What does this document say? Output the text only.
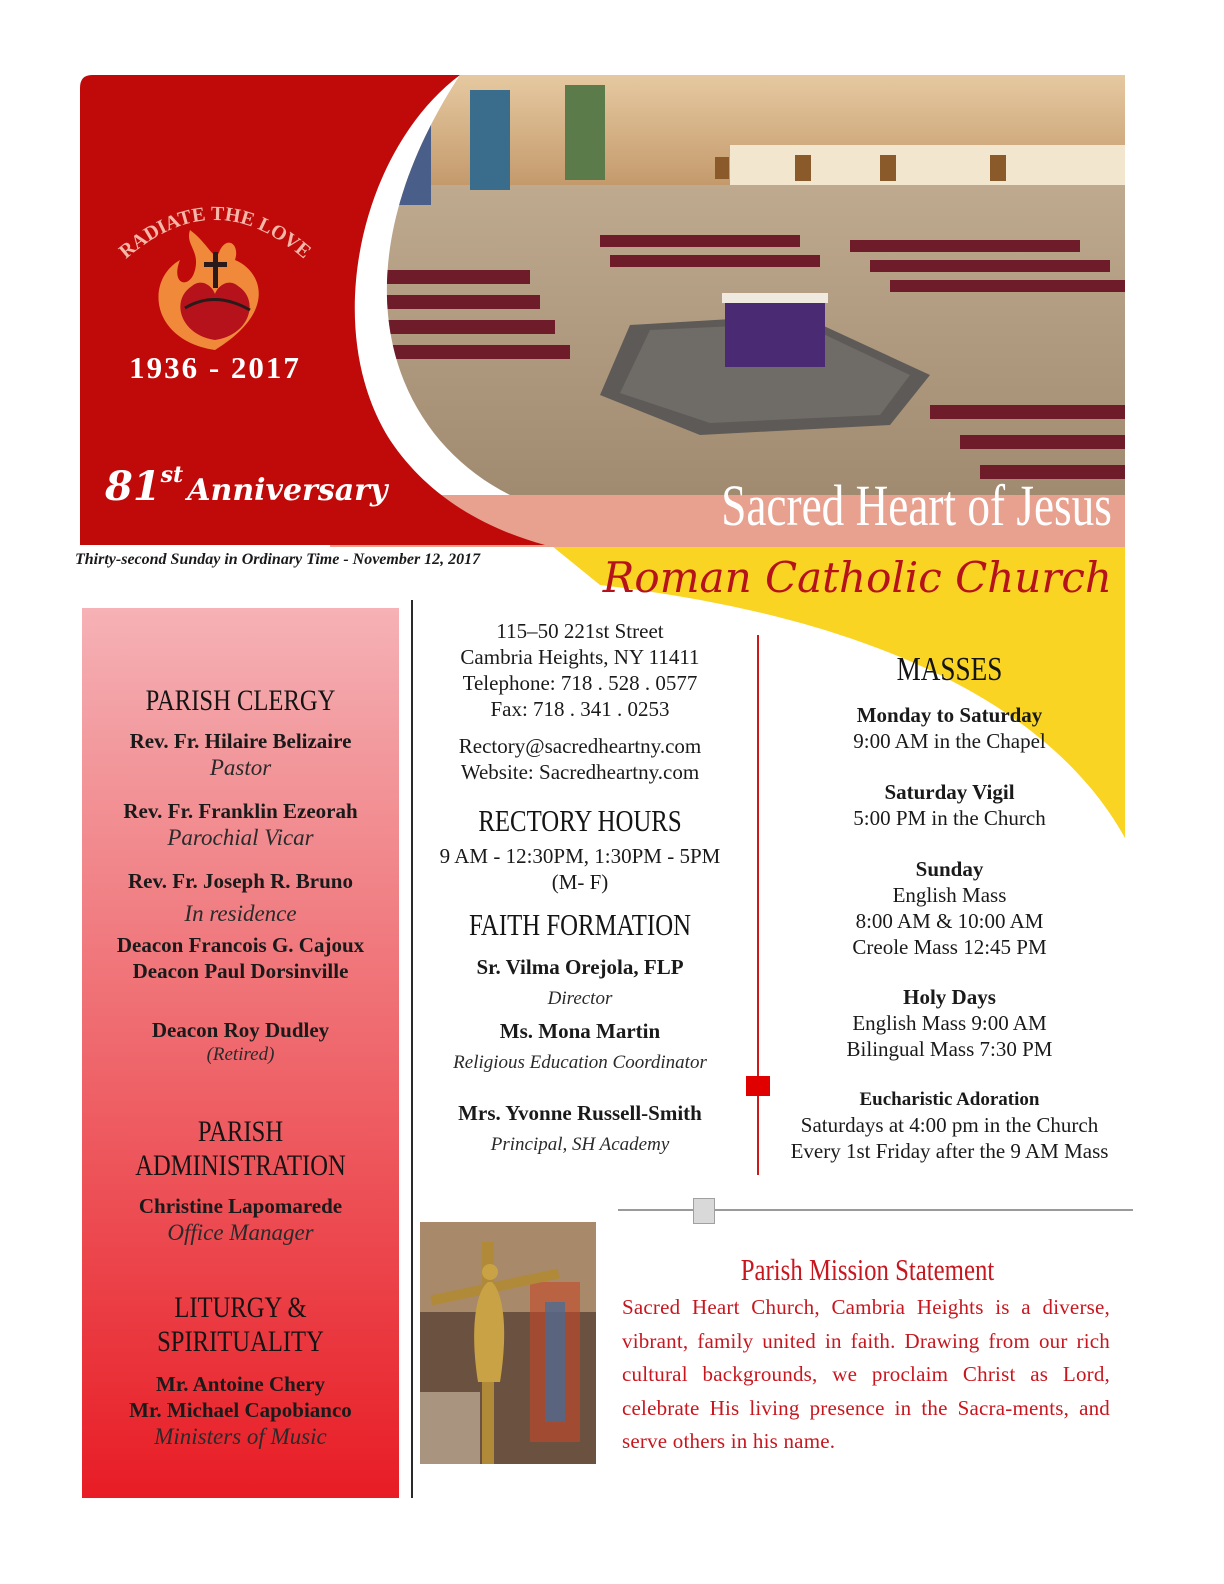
RADIATE THE LOVE
1936 - 2017
81st Anniversary	Sacred Heart of Jesus
Roman Catholic Church
Thirty-second Sunday in Ordinary Time - November 12, 2017
PARISH CLERGY
Rev. Fr. Hilaire Belizaire
Pastor
Rev. Fr. Franklin Ezeorah
Parochial Vicar
Rev. Fr. Joseph R. Bruno
In residence
Deacon Francois G. Cajoux
Deacon Paul Dorsinville
Deacon Roy Dudley
(Retired)
PARISH ADMINISTRATION
Christine Lapomarede
Office Manager
LITURGY & SPIRITUALITY
Mr. Antoine Chery
Mr. Michael Capobianco
Ministers of Music
115–50 221st Street
Cambria Heights, NY 11411
Telephone: 718 . 528 . 0577
Fax: 718 . 341 . 0253
Rectory@sacredheartny.com
Website: Sacredheartny.com
RECTORY HOURS
9 AM - 12:30PM, 1:30PM - 5PM
(M- F)
FAITH FORMATION
Sr. Vilma Orejola, FLP
Director
Ms. Mona Martin
Religious Education Coordinator
Mrs. Yvonne Russell-Smith
Principal, SH Academy
MASSES
Monday to Saturday
9:00 AM in the Chapel
Saturday Vigil
5:00 PM in the Church
Sunday
English Mass
8:00 AM & 10:00 AM
Creole Mass 12:45 PM
Holy Days
English Mass 9:00 AM
Bilingual Mass 7:30 PM
Eucharistic Adoration
Saturdays at 4:00 pm in the Church
Every 1st Friday after the 9 AM Mass
Parish Mission Statement
Sacred Heart Church, Cambria Heights is a diverse, vibrant, family united in faith. Drawing from our rich cultural backgrounds, we proclaim Christ as Lord, celebrate His living presence in the Sacra-ments, and serve others in his name.
